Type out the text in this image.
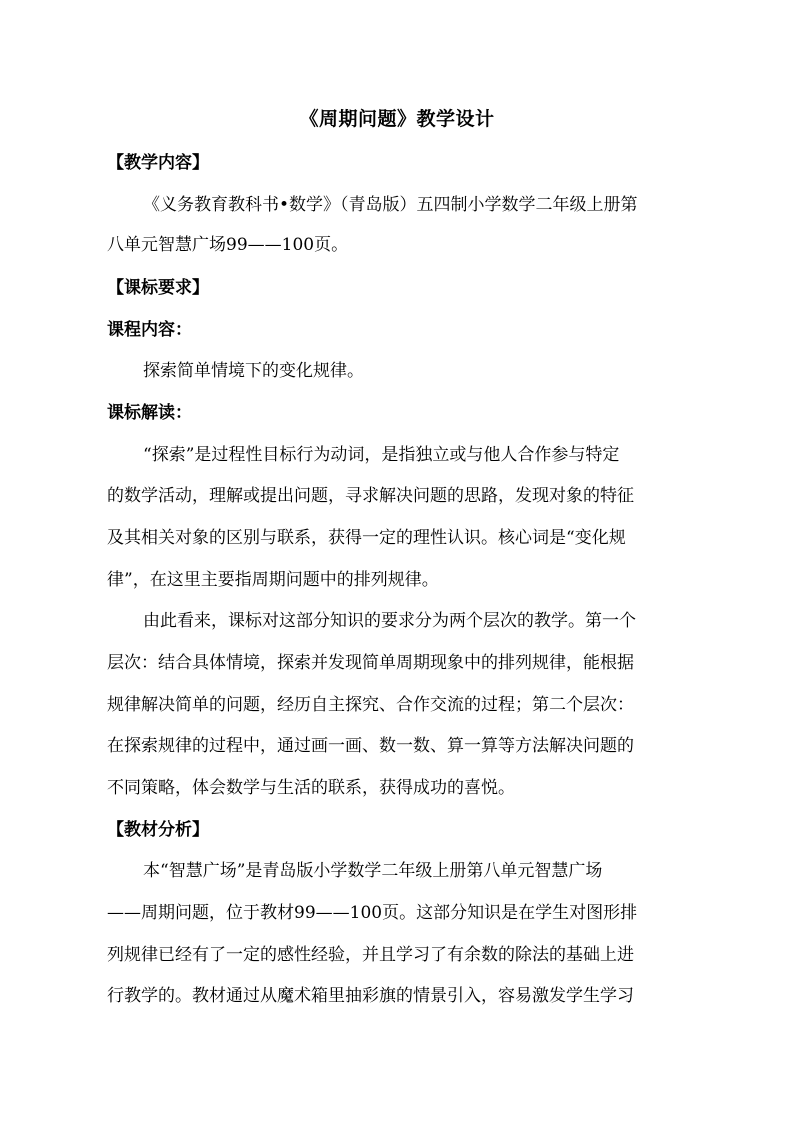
《周期问题》教学设计
【教学内容】
《义务教育教科书•数学》（青岛版）五四制小学数学二年级上册第
八单元智慧广场99——100页。
【课标要求】
课程内容：
探索简单情境下的变化规律。
课标解读：
“探索”是过程性目标行为动词，是指独立或与他人合作参与特定
的数学活动，理解或提出问题，寻求解决问题的思路，发现对象的特征
及其相关对象的区别与联系，获得一定的理性认识。核心词是“变化规
律”，在这里主要指周期问题中的排列规律。
由此看来，课标对这部分知识的要求分为两个层次的教学。第一个
层次：结合具体情境，探索并发现简单周期现象中的排列规律，能根据
规律解决简单的问题，经历自主探究、合作交流的过程；第二个层次：
在探索规律的过程中，通过画一画、数一数、算一算等方法解决问题的
不同策略，体会数学与生活的联系，获得成功的喜悦。
【教材分析】
本“智慧广场”是青岛版小学数学二年级上册第八单元智慧广场
——周期问题，位于教材99——100页。这部分知识是在学生对图形排
列规律已经有了一定的感性经验，并且学习了有余数的除法的基础上进
行教学的。教材通过从魔术箱里抽彩旗的情景引入，容易激发学生学习
